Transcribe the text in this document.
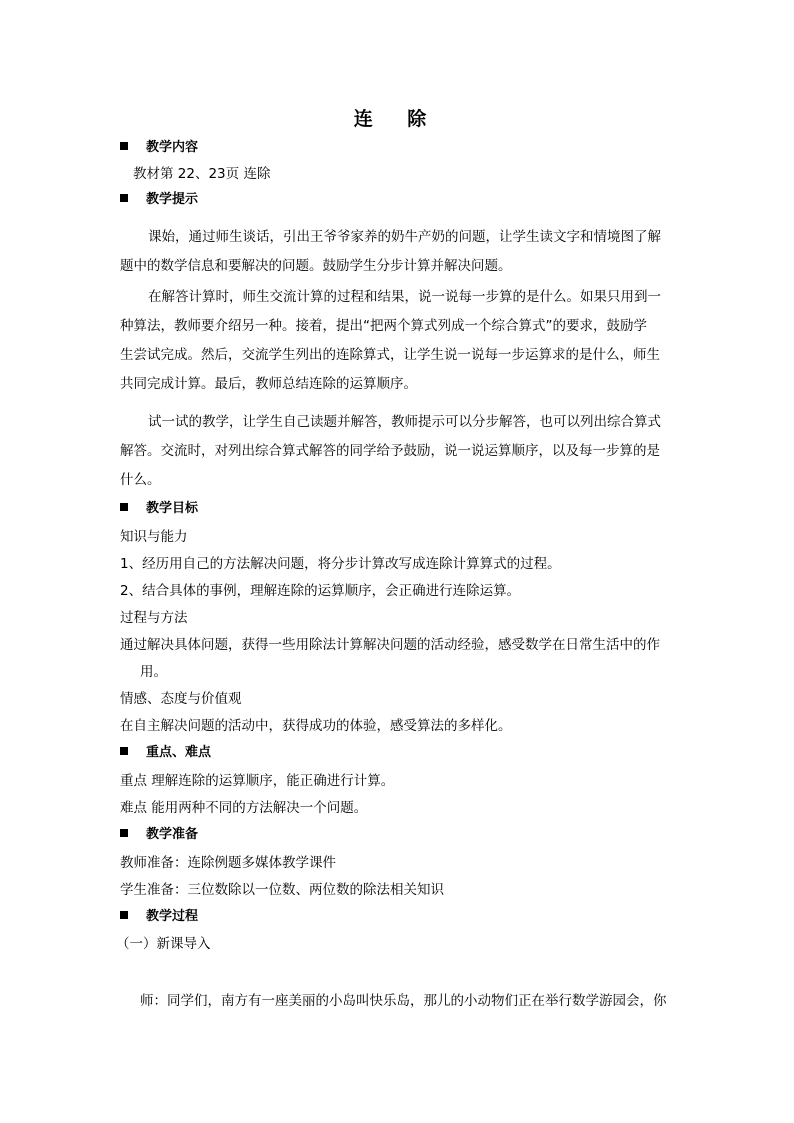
连 除
教学内容
教材第 22、23页 连除
教学提示
课始，通过师生谈话，引出王爷爷家养的奶牛产奶的问题，让学生读文字和情境图了解
题中的数学信息和要解决的问题。鼓励学生分步计算并解决问题。
在解答计算时，师生交流计算的过程和结果，说一说每一步算的是什么。如果只用到一
种算法，教师要介绍另一种。接着，提出“把两个算式列成一个综合算式”的要求，鼓励学
生尝试完成。然后，交流学生列出的连除算式，让学生说一说每一步运算求的是什么，师生
共同完成计算。最后，教师总结连除的运算顺序。
试一试的教学，让学生自己读题并解答，教师提示可以分步解答，也可以列出综合算式
解答。交流时，对列出综合算式解答的同学给予鼓励，说一说运算顺序，以及每一步算的是
什么。
教学目标
知识与能力
1、经历用自己的方法解决问题，将分步计算改写成连除计算算式的过程。
2、结合具体的事例，理解连除的运算顺序，会正确进行连除运算。
过程与方法
通过解决具体问题，获得一些用除法计算解决问题的活动经验，感受数学在日常生活中的作
用。
情感、态度与价值观
在自主解决问题的活动中，获得成功的体验，感受算法的多样化。
重点、难点
重点 理解连除的运算顺序，能正确进行计算。
难点 能用两种不同的方法解决一个问题。
教学准备
教师准备：连除例题多媒体教学课件
学生准备：三位数除以一位数、两位数的除法相关知识
教学过程
（一）新课导入
师：同学们，南方有一座美丽的小岛叫快乐岛，那儿的小动物们正在举行数学游园会，你
